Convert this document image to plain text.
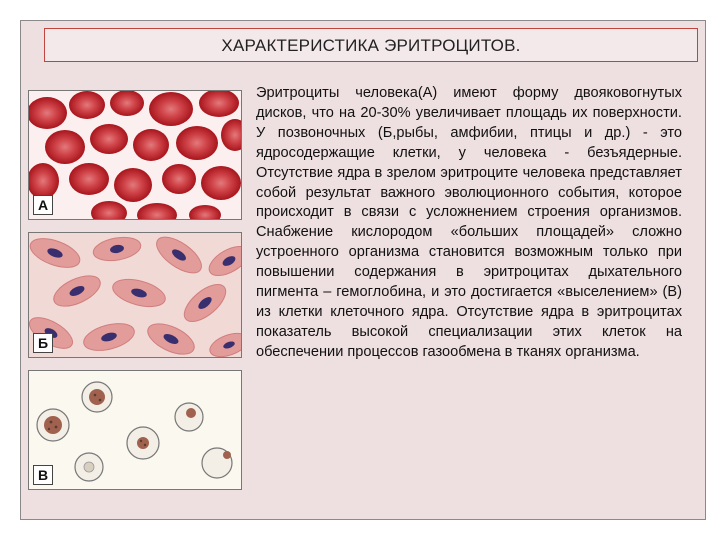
ХАРАКТЕРИСТИКА ЭРИТРОЦИТОВ.
А
Б
В

Эритроциты человека(А) имеют форму двояковогнутых дисков, что на 20-30% увеличивает площадь их поверхности. У позвоночных (Б,рыбы, амфибии, птицы и др.) - это ядросодержащие клетки, у человека - безъядерные. Отсутствие ядра в зрелом эритроците человека представляет собой результат важного эволюционного события, которое происходит в связи с усложнением строения организмов. Снабжение кислородом «больших площадей» сложно устроенного организма становится возможным только при повышении содержания в эритроцитах дыхательного пигмента – гемоглобина, и это достигается «выселением» (В) из клетки клеточного ядра. Отсутствие ядра в эритроцитах показатель высокой специализации этих клеток на обеспечении процессов газообмена в тканях организма.
